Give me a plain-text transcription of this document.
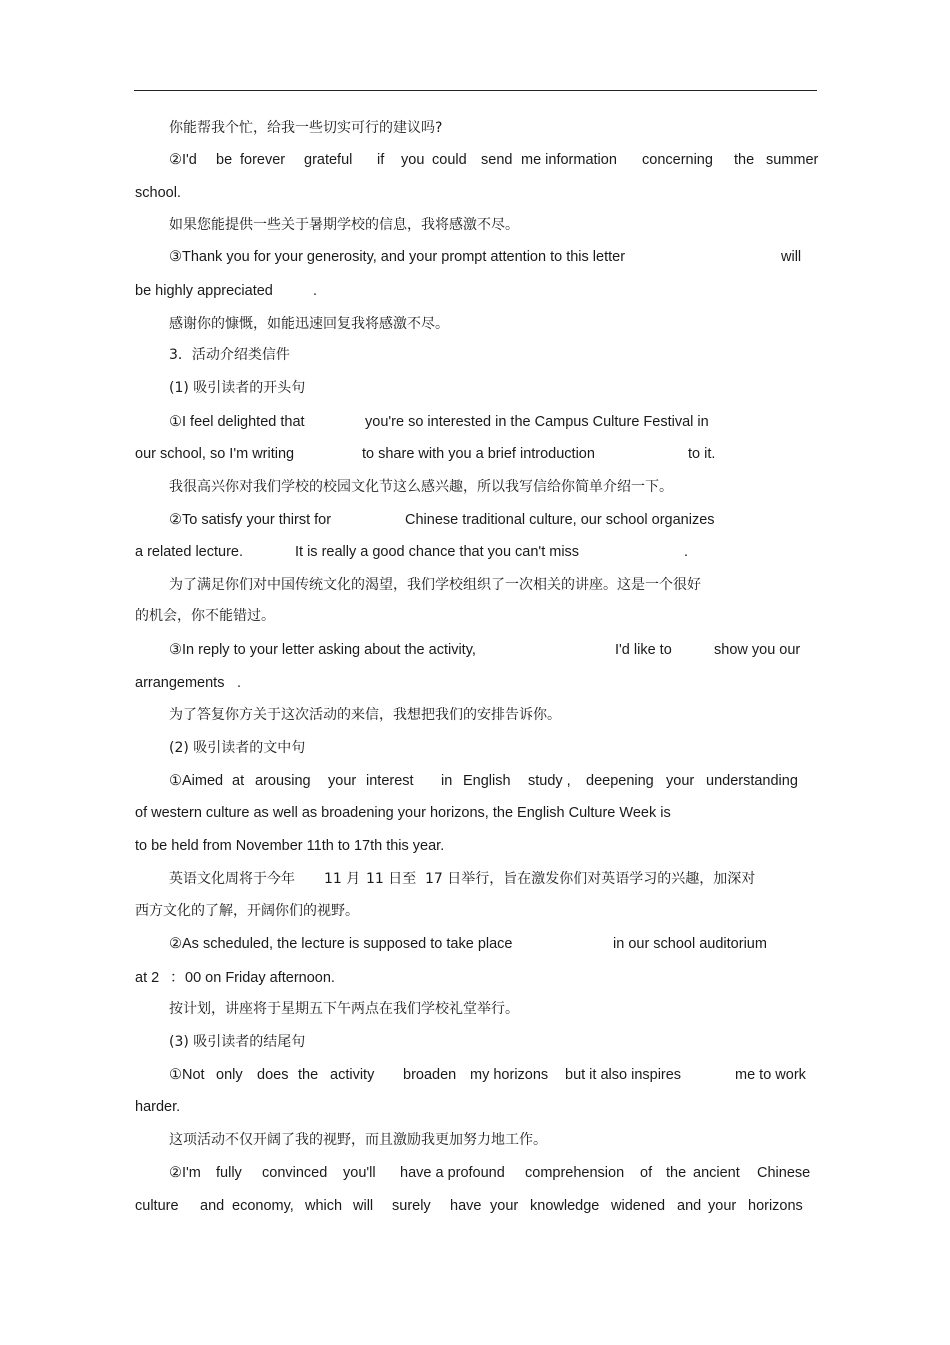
你能帮我个忙，给我一些切实可行的建议吗?
②I'd be forever grateful if you could send me information concerning the summer
school.
如果您能提供一些关于暑期学校的信息，我将感激不尽。
③Thank you for your generosity, and your prompt attention to this letter	will
be highly appreciated	.
感谢你的慷慨，如能迅速回复我将感激不尽。
3．活动介绍类信件
(1) 吸引读者的开头句
①I feel delighted that	you're so interested in the Campus Culture Festival in
our school, so I'm writing	to share with you a brief introduction	to it.
我很高兴你对我们学校的校园文化节这么感兴趣，所以我写信给你简单介绍一下。
②To satisfy your thirst for	Chinese traditional culture, our school organizes
a related lecture.	It is really a good chance that you can't miss	.
为了满足你们对中国传统文化的渴望，我们学校组织了一次相关的讲座。这是一个很好
的机会，你不能错过。
③In reply to your letter asking about the activity,	I'd like to	show you our
arrangements .
为了答复你方关于这次活动的来信，我想把我们的安排告诉你。
(2) 吸引读者的文中句
①Aimed at arousing your interest in English study , deepening your understanding
of western culture as well as broadening your horizons, the English Culture Week is
to be held from November 11th to 17th this year.
英语文化周将于今年 11 月 11 日至 17 日举行，旨在激发你们对英语学习的兴趣，加深对
西方文化的了解，开阔你们的视野。
②As scheduled, the lecture is supposed to take place	in our school auditorium
at 2 ： 00 on Friday afternoon.
按计划，讲座将于星期五下午两点在我们学校礼堂举行。
(3) 吸引读者的结尾句
①Not only does the activity broaden my horizons but it also inspires	me to work
harder.
这项活动不仅开阔了我的视野，而且激励我更加努力地工作。
②I'm fully convinced you'll have a profound comprehension of the ancient Chinese
culture and economy, which will surely have your knowledge widened and your horizons
